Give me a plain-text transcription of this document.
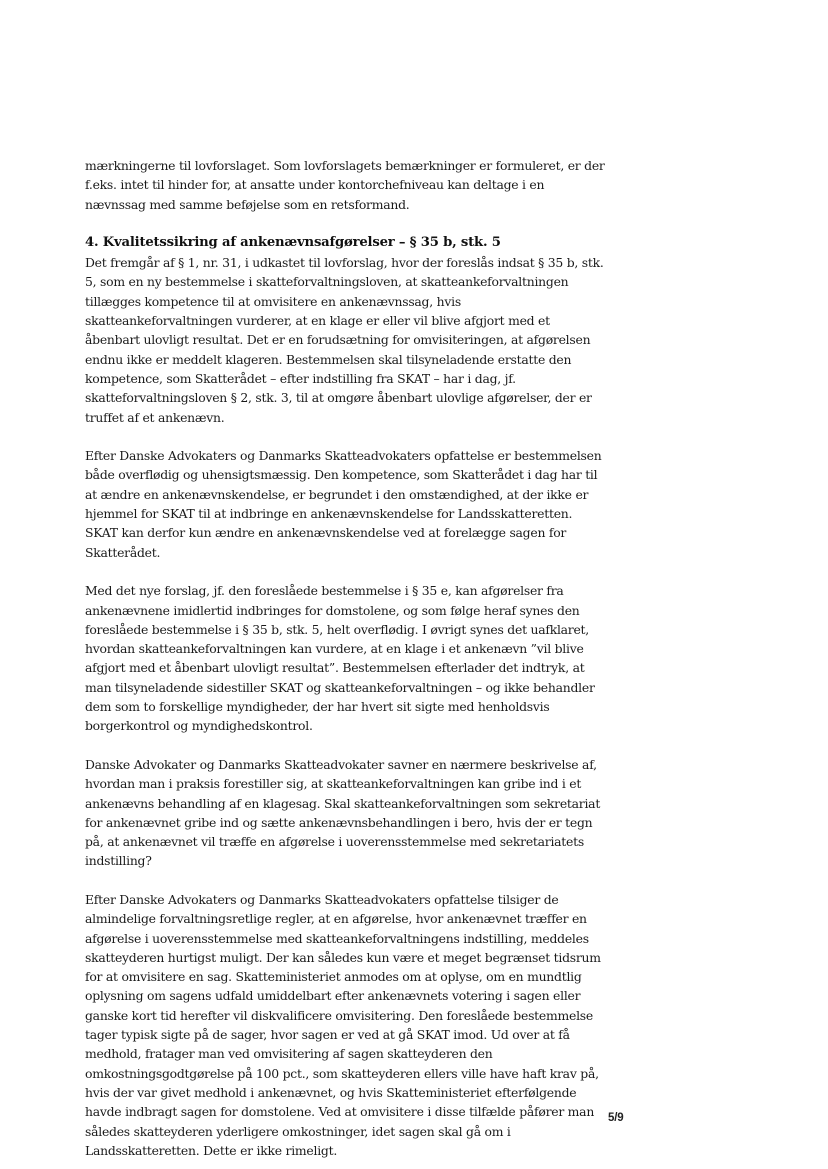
mærkningerne til lovforslaget. Som lovforslagets bemærkninger er formuleret, er der f.eks. intet til hinder for, at ansatte under kontorchefniveau kan deltage i en nævnssag med samme beføjelse som en retsformand.

4. Kvalitetssikring af ankenævnsafgørelser – § 35 b, stk. 5

Det fremgår af § 1, nr. 31, i udkastet til lovforslag, hvor der foreslås indsat § 35 b, stk. 5, som en ny bestemmelse i skatteforvaltningsloven, at skatteankeforvaltningen tillægges kompetence til at omvisitere en ankenævnssag, hvis skatteankeforvaltningen vurderer, at en klage er eller vil blive afgjort med et åbenbart ulovligt resultat. Det er en forudsætning for omvisiteringen, at afgørelsen endnu ikke er meddelt klageren. Bestemmelsen skal tilsyneladende erstatte den kompetence, som Skatterådet – efter indstilling fra SKAT – har i dag, jf. skatteforvaltningsloven § 2, stk. 3, til at omgøre åbenbart ulovlige afgørelser, der er truffet af et ankenævn.

Efter Danske Advokaters og Danmarks Skatteadvokaters opfattelse er bestemmelsen både overflødig og uhensigtsmæssig. Den kompetence, som Skatterådet i dag har til at ændre en ankenævnskendelse, er begrundet i den omstændighed, at der ikke er hjemmel for SKAT til at indbringe en ankenævnskendelse for Landsskatteretten. SKAT kan derfor kun ændre en ankenævnskendelse ved at forelægge sagen for Skatterådet.

Med det nye forslag, jf. den foreslåede bestemmelse i § 35 e, kan afgørelser fra ankenævnene imidlertid indbringes for domstolene, og som følge heraf synes den foreslåede bestemmelse i § 35 b, stk. 5, helt overflødig. I øvrigt synes det uafklaret, hvordan skatteankeforvaltningen kan vurdere, at en klage i et ankenævn ”vil blive afgjort med et åbenbart ulovligt resultat”. Bestemmelsen efterlader det indtryk, at man tilsyneladende sidestiller SKAT og skatteankeforvaltningen – og ikke behandler dem som to forskellige myndigheder, der har hvert sit sigte med henholdsvis borgerkontrol og myndighedskontrol.

Danske Advokater og Danmarks Skatteadvokater savner en nærmere beskrivelse af, hvordan man i praksis forestiller sig, at skatteankeforvaltningen kan gribe ind i et ankenævns behandling af en klagesag. Skal skatteankeforvaltningen som sekretariat for ankenævnet gribe ind og sætte ankenævnsbehandlingen i bero, hvis der er tegn på, at ankenævnet vil træffe en afgørelse i uoverensstemmelse med sekretariatets indstilling?

Efter Danske Advokaters og Danmarks Skatteadvokaters opfattelse tilsiger de almindelige forvaltningsretlige regler, at en afgørelse, hvor ankenævnet træffer en afgørelse i uoverensstemmelse med skatteankeforvaltningens indstilling, meddeles skatteyderen hurtigst muligt. Der kan således kun være et meget begrænset tidsrum for at omvisitere en sag. Skatteministeriet anmodes om at oplyse, om en mundtlig oplysning om sagens udfald umiddelbart efter ankenævnets votering i sagen eller ganske kort tid herefter vil diskvalificere omvisitering. Den foreslåede bestemmelse tager typisk sigte på de sager, hvor sagen er ved at gå SKAT imod. Ud over at få medhold, fratager man ved omvisitering af sagen skatteyderen den omkostningsgodtgørelse på 100 pct., som skatteyderen ellers ville have haft krav på, hvis der var givet medhold i ankenævnet, og hvis Skatteministeriet efterfølgende havde indbragt sagen for domstolene. Ved at omvisitere i disse tilfælde påfører man således skatteyderen yderligere omkostninger, idet sagen skal gå om i Landsskatteretten. Dette er ikke rimeligt.

5/9
